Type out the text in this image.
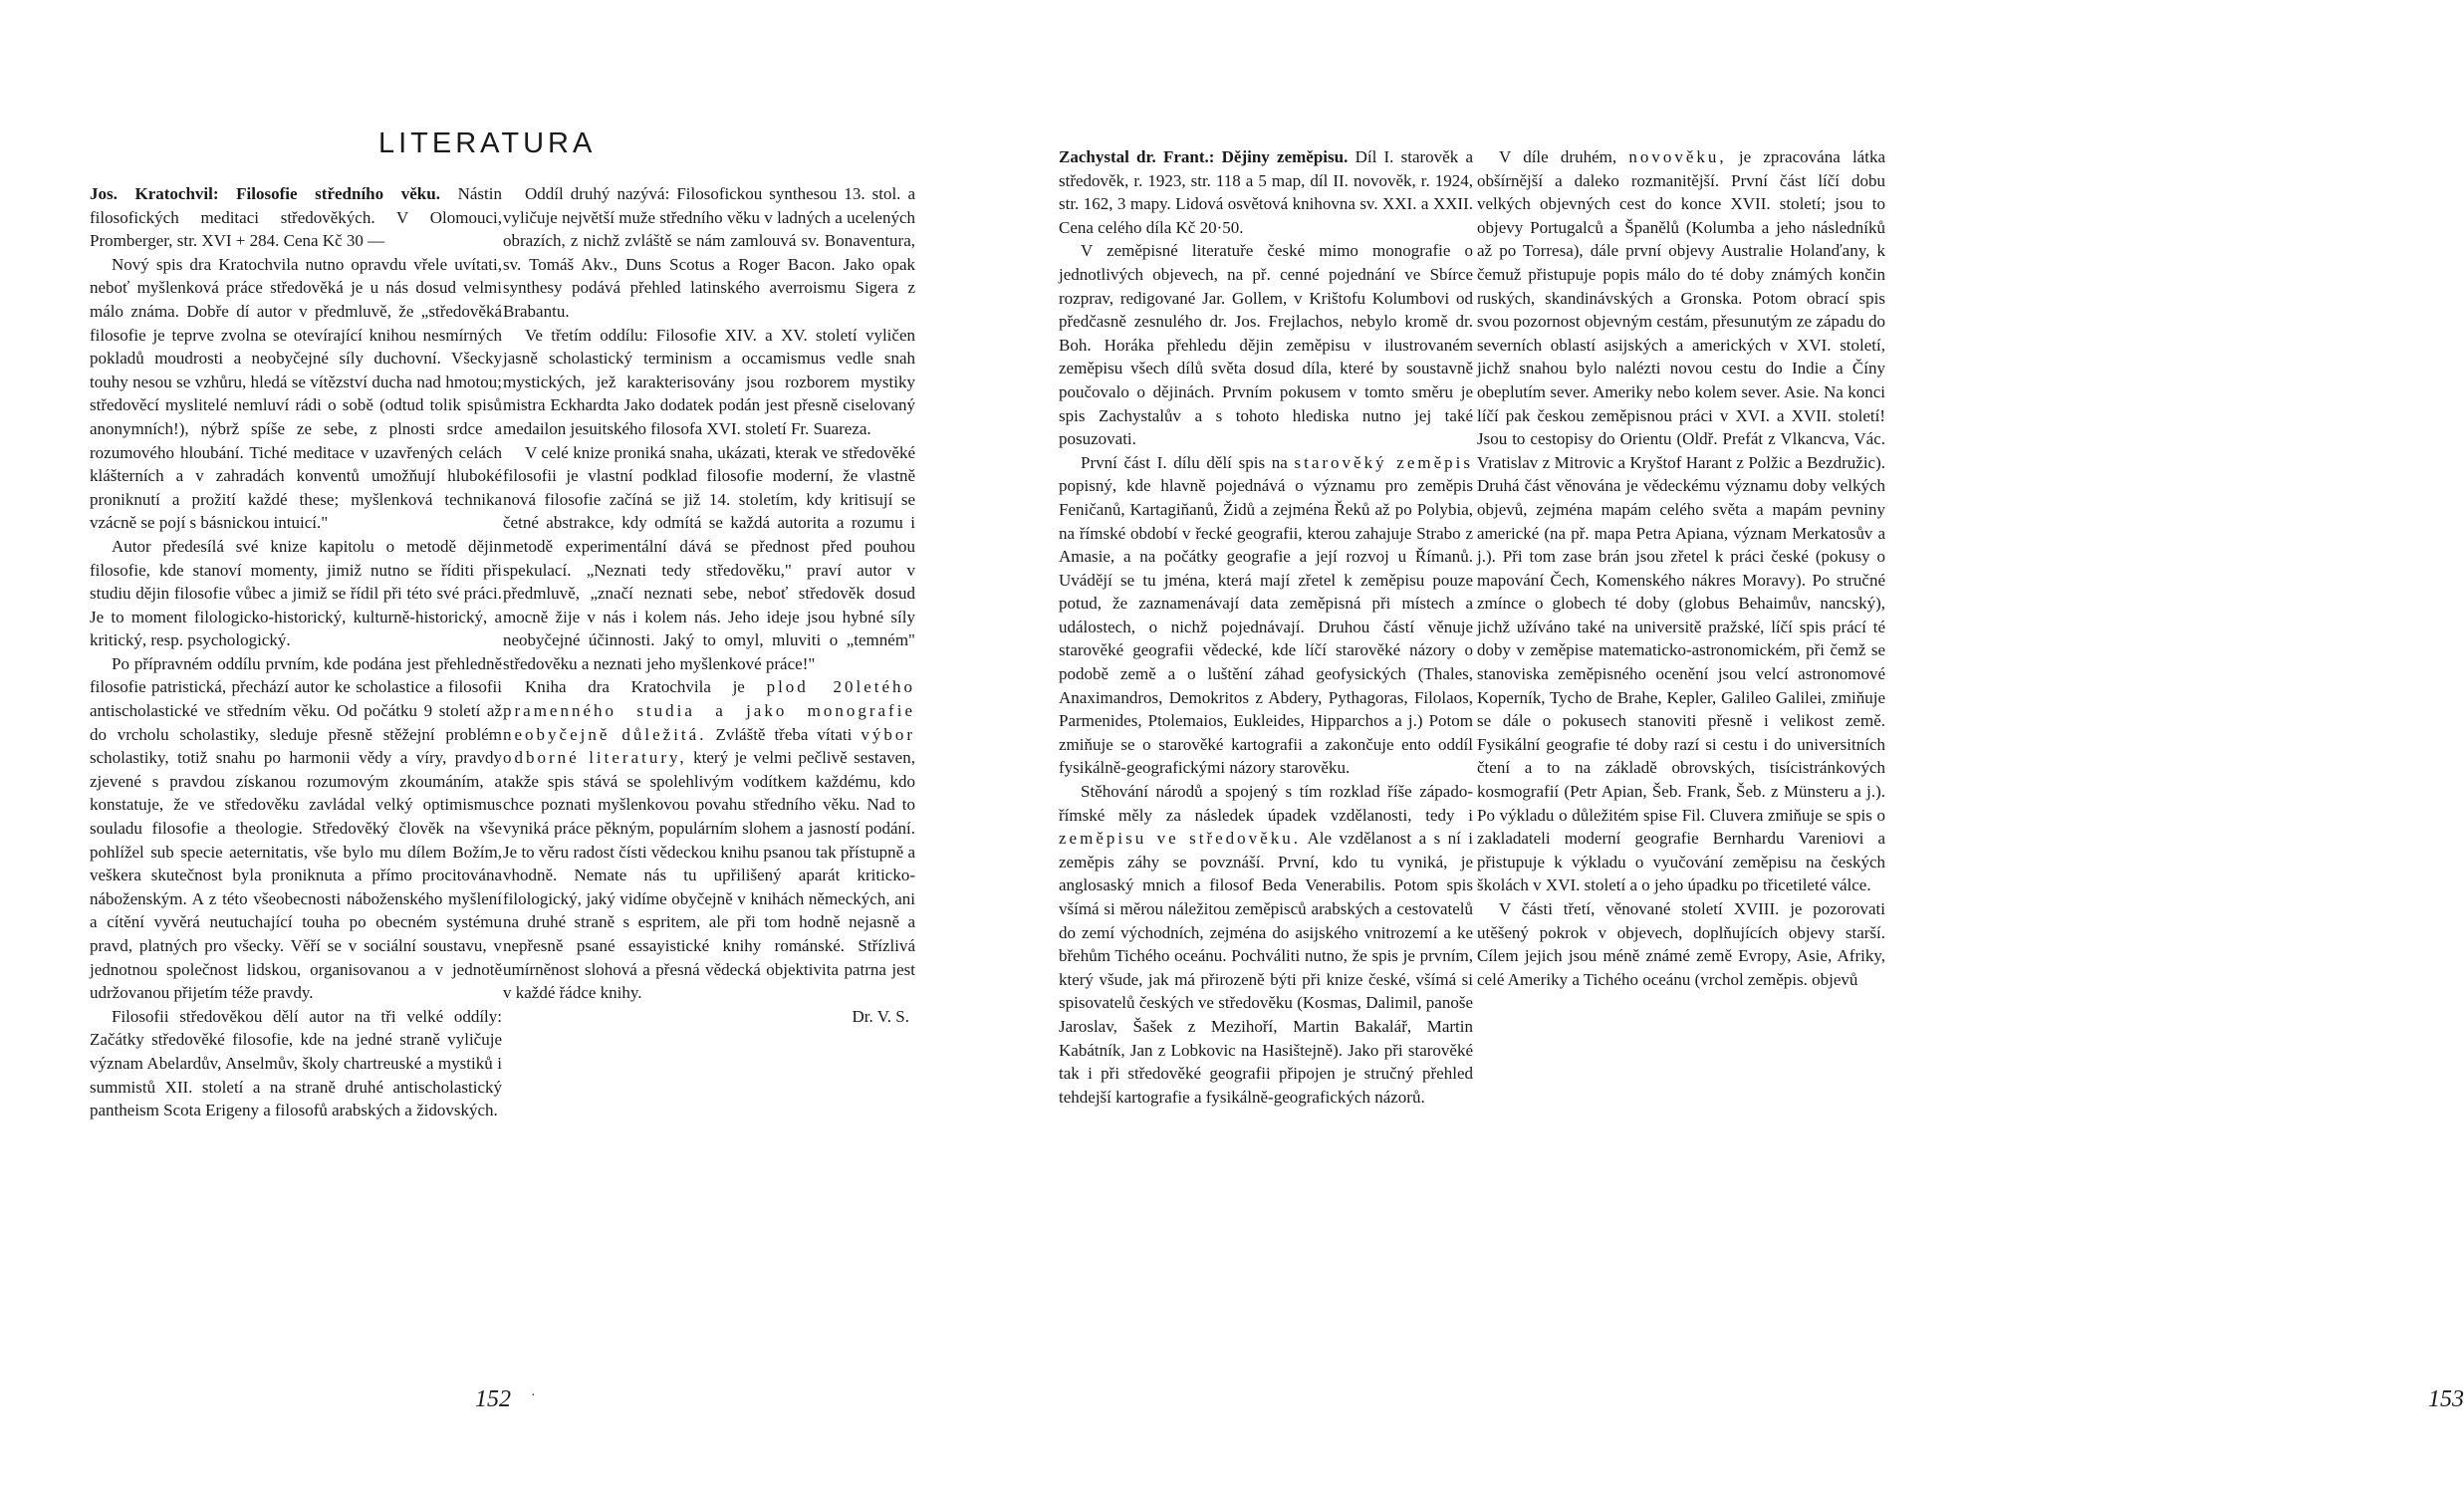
LITERATURA

Jos. Kratochvil: Filosofie středního věku. Nástin filosofických meditaci středověkých. V Olomouci, Promberger, str. XVI + 284. Cena Kč 30 —

Nový spis dra Kratochvila nutno opravdu vřele uvítati, neboť myšlenková práce středověká je u nás dosud velmi málo známa. Dobře dí autor v předmluvě, že „středověká filosofie je teprve zvolna se otevírající knihou nesmírných pokladů moudrosti a neobyčejné síly duchovní. Všecky touhy nesou se vzhůru, hledá se vítězství ducha nad hmotou; středověcí myslitelé nemluví rádi o sobě (odtud tolik spisů anonymních!), nýbrž spíše ze sebe, z plnosti srdce a rozumového hloubání. Tiché meditace v uzavřených celách klášterních a v zahradách konventů umožňují hluboké proniknutí a prožití každé these; myšlenková technika vzácně se pojí s básnickou intuicí."

Autor předesílá své knize kapitolu o metodě dějin filosofie, kde stanoví momenty, jimiž nutno se říditi při studiu dějin filosofie vůbec a jimiž se řídil při této své práci. Je to moment filologicko-historický, kulturně-historický, a kritický, resp. psychologický.

Po přípravném oddílu prvním, kde podána jest přehledně filosofie patristická, přechází autor ke scholastice a filosofii antischolastické ve středním věku. Od počátku 9 století až do vrcholu scholastiky, sleduje přesně stěžejní problém scholastiky, totiž snahu po harmonii vědy a víry, pravdy zjevené s pravdou získanou rozumovým zkoumáním, a konstatuje, že ve středověku zavládal velký optimismus souladu filosofie a theologie. Středověký člověk na vše pohlížel sub specie aeternitatis, vše bylo mu dílem Božím, veškera skutečnost byla proniknuta a přímo procitována náboženským. A z této všeobecnosti náboženského myšlení a cítění vyvěrá neutuchající touha po obecném systému pravd, platných pro všecky. Věří se v sociální soustavu, v jednotnou společnost lidskou, organisovanou a v jednotě udržovanou přijetím téže pravdy.

Filosofii středověkou dělí autor na tři velké oddíly: Začátky středověké filosofie, kde na jedné straně vyličuje význam Abelardův, Anselmův, školy chartreuské a mystiků i summistů XII. století a na straně druhé antischolastický pantheism Scota Erigeny a filosofů arabských a židovských.

Oddíl druhý nazývá: Filosofickou synthesou 13. stol. a vyličuje největší muže středního věku v ladných a ucelených obrazích, z nichž zvláště se nám zamlouvá sv. Bonaventura, sv. Tomáš Akv., Duns Scotus a Roger Bacon. Jako opak synthesy podává přehled latinského averroismu Sigera z Brabantu.

Ve třetím oddílu: Filosofie XIV. a XV. století vyličen jasně scholastický terminism a occamismus vedle snah mystických, jež karakterisovány jsou rozborem mystiky mistra Eckhardta Jako dodatek podán jest přesně ciselovaný medailon jesuitského filosofa XVI. století Fr. Suareza.

V celé knize proniká snaha, ukázati, kterak ve středověké filosofii je vlastní podklad filosofie moderní, že vlastně nová filosofie začíná se již 14. stoletím, kdy kritisují se četné abstrakce, kdy odmítá se každá autorita a rozumu i metodě experimentální dává se přednost před pouhou spekulací. „Neznati tedy středověku," praví autor v předmluvě, „značí neznati sebe, neboť středověk dosud mocně žije v nás i kolem nás. Jeho ideje jsou hybné síly neobyčejné účinnosti. Jaký to omyl, mluviti o „temném" středověku a neznati jeho myšlenkové práce!"

Kniha dra Kratochvila je plod 20letého pramenného studia a jako monografie neobyčejně důležitá. Zvláště třeba vítati výbor odborné literatury, který je velmi pečlivě sestaven, takže spis stává se spolehlivým vodítkem každému, kdo chce poznati myšlenkovou povahu středního věku. Nad to vyniká práce pěkným, populárním slohem a jasností podání. Je to věru radost čísti vědeckou knihu psanou tak přístupně a vhodně. Nemate nás tu upřilišený aparát kriticko-filologický, jaký vidíme obyčejně v knihách německých, ani na druhé straně s espritem, ale při tom hodně nejasně a nepřesně psané essayistické knihy románské. Střízlivá umírněnost slohová a přesná vědecká objektivita patrna jest v každé řádce knihy.

Dr. V. S.

152 ·

Zachystal dr. Frant.: Dějiny zeměpisu. Díl I. starověk a středověk, r. 1923, str. 118 a 5 map, díl II. novověk, r. 1924, str. 162, 3 mapy. Lidová osvětová knihovna sv. XXI. a XXII. Cena celého díla Kč 20·50.

V zeměpisné literatuře české mimo monografie o jednotlivých objevech, na př. cenné pojednání ve Sbírce rozprav, redigované Jar. Gollem, v Krištofu Kolumbovi od předčasně zesnulého dr. Jos. Frejlachos, nebylo kromě dr. Boh. Horáka přehledu dějin zeměpisu v ilustrovaném zeměpisu všech dílů světa dosud díla, které by soustavně poučovalo o dějinách. Prvním pokusem v tomto směru je spis Zachystalův a s tohoto hlediska nutno jej také posuzovati.

První část I. dílu dělí spis na starověký zeměpis popisný, kde hlavně pojednává o významu pro zeměpis Feničanů, Kartagiňanů, Židů a zejména Řeků až po Polybia, na římské období v řecké geografii, kterou zahajuje Strabo z Amasie, a na počátky geografie a její rozvoj u Římanů. Uvádějí se tu jména, která mají zřetel k zeměpisu pouze potud, že zaznamenávají data zeměpisná při místech a událostech, o nichž pojednávají. Druhou částí věnuje starověké geografii vědecké, kde líčí starověké názory o podobě země a o luštění záhad geofysických (Thales, Anaximandros, Demokritos z Abdery, Pythagoras, Filolaos, Parmenides, Ptolemaios, Eukleides, Hipparchos a j.) Potom zmiňuje se o starověké kartografii a zakončuje ento oddíl fysikálně-geografickými názory starověku.

Stěhování národů a spojený s tím rozklad říše západo-římské měly za následek úpadek vzdělanosti, tedy i zeměpisu ve středověku. Ale vzdělanost a s ní i zeměpis záhy se povznáší. První, kdo tu vyniká, je anglosaský mnich a filosof Beda Venerabilis. Potom spis všímá si měrou náležitou zeměpisců arabských a cestovatelů do zemí východních, zejména do asijského vnitrozemí a ke břehům Tichého oceánu. Pochváliti nutno, že spis je prvním, který všude, jak má přirozeně býti při knize české, všímá si spisovatelů českých ve středověku (Kosmas, Dalimil, panoše Jaroslav, Šašek z Mezihoří, Martin Bakalář, Martin Kabátník, Jan z Lobkovic na Hasištejně). Jako při starověké tak i při středověké geografii připojen je stručný přehled tehdejší kartografie a fysikálně-geografických názorů.

V díle druhém, novověku, je zpracována látka obšírnější a daleko rozmanitější. První část líčí dobu velkých objevných cest do konce XVII. století; jsou to objevy Portugalců a Španělů (Kolumba a jeho následníků až po Torresa), dále první objevy Australie Holanďany, k čemuž přistupuje popis málo do té doby známých končin ruských, skandinávských a Gronska. Potom obrací spis svou pozornost objevným cestám, přesunutým ze západu do severních oblastí asijských a amerických v XVI. století, jichž snahou bylo nalézti novou cestu do Indie a Číny obeplutím sever. Ameriky nebo kolem sever. Asie. Na konci líčí pak českou zeměpisnou práci v XVI. a XVII. století! Jsou to cestopisy do Orientu (Oldř. Prefát z Vlkancva, Vác. Vratislav z Mitrovic a Kryštof Harant z Polžic a Bezdružic). Druhá část věnována je vědeckému významu doby velkých objevů, zejména mapám celého světa a mapám pevniny americké (na př. mapa Petra Apiana, význam Merkatosův a j.). Při tom zase brán jsou zřetel k práci české (pokusy o mapování Čech, Komenského nákres Moravy). Po stručné zmínce o globech té doby (globus Behaimův, nancský), jichž užíváno také na universitě pražské, líčí spis prácí té doby v zeměpise matematicko-astronomickém, při čemž se stanoviska zeměpisného ocenění jsou velcí astronomové Koperník, Tycho de Brahe, Kepler, Galileo Galilei, zmiňuje se dále o pokusech stanoviti přesně i velikost země. Fysikální geografie té doby razí si cestu i do universitních čtení a to na základě obrovských, tisícistránkových kosmografií (Petr Apian, Šeb. Frank, Šeb. z Münsteru a j.). Po výkladu o důležitém spise Fil. Cluvera zmiňuje se spis o zakladateli moderní geografie Bernhardu Vareniovi a přistupuje k výkladu o vyučování zeměpisu na českých školách v XVI. století a o jeho úpadku po třicetileté válce.

V části třetí, věnované století XVIII. je pozorovati utěšený pokrok v objevech, doplňujících objevy starší. Cílem jejich jsou méně známé země Evropy, Asie, Afriky, celé Ameriky a Tichého oceánu (vrchol zeměpis. objevů

153
